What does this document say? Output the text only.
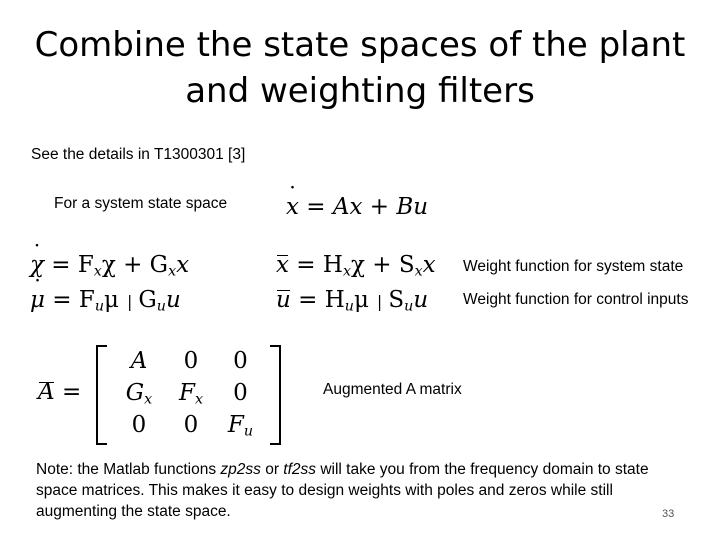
Combine the state spaces of the plant
and weighting filters
See the details in T1300301 [3]
For a system state space
˙	x = Ax + Bu
˙ $\chi = F_x\chi + G_xx$
˙ $\mu = F_u\mu$ | $G_uu$
$x = H_x\chi + S_xx$
$u = H_u\mu$ | $S_uu$
Weight function for system state
Weight function for control inputs
A =
A 0 0
$G_x$ $F_x$ 0
0 0 $F_u$
Augmented A matrix
Note: the Matlab functions zp2ss or tf2ss will take you from the frequency domain to state space matrices. This makes it easy to design weights with poles and zeros while still augmenting the state space.	33
